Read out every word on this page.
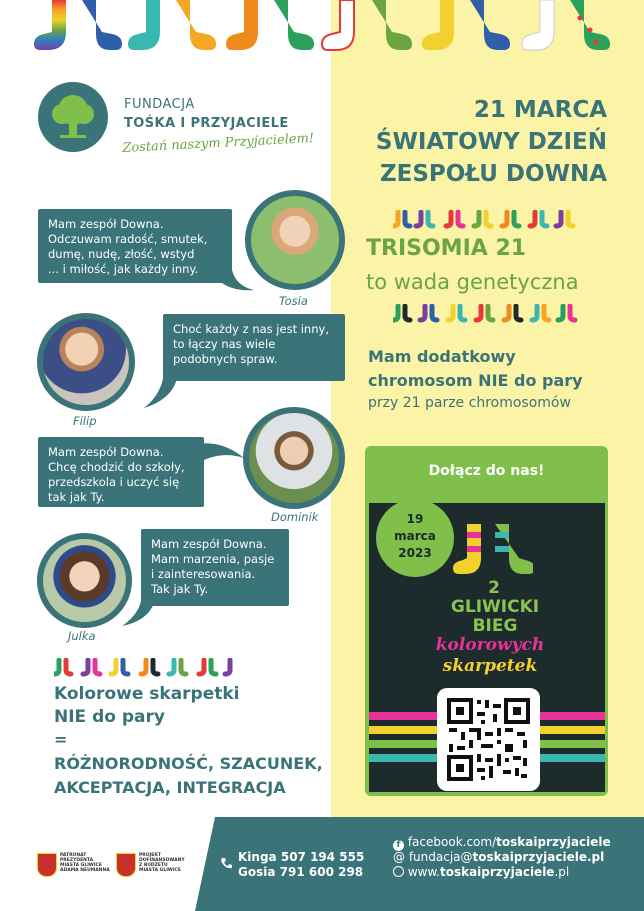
FUNDACJA
TOŚKA I PRZYJACIELE
Zostań naszym Przyjacielem!
Mam zespół Downa.
Odczuwam radość, smutek,
dumę, nudę, złość, wstyd
... i miłość, jak każdy inny.
Tosia
Choć każdy z nas jest inny,
to łączy nas wiele
podobnych spraw.
Filip
Mam zespół Downa.
Chcę chodzić do szkoły,
przedszkola i uczyć się
tak jak Ty.
Dominik
Mam zespół Downa.
Mam marzenia, pasje
i zainteresowania.
Tak jak Ty.
Julka
21 MARCA
ŚWIATOWY DZIEŃ
ZESPOŁU DOWNA
TRISOMIA 21
to wada genetyczna
Mam dodatkowy
chromosom NIE do pary
przy 21 parze chromosomów
Dołącz do nas!
19
marca
2023
2
GLIWICKI
BIEG
kolorowych
skarpetek
Kolorowe skarpetki
NIE do pary
=
RÓŻNORODNOŚĆ, SZACUNEK,
AKCEPTACJA, INTEGRACJA
PATRONAT
PREZYDENTA
MIASTA GLIWICE
ADAMA NEUMANNA
PROJEKT
DOFINANSOWANY
Z BUDŻETU
MIASTA GLIWICE
Kinga 507 194 555
Gosia 791 600 298
f facebook.com/toskaiprzyjaciele
@ fundacja@toskaiprzyjaciele.pl
www.toskaiprzyjaciele.pl
